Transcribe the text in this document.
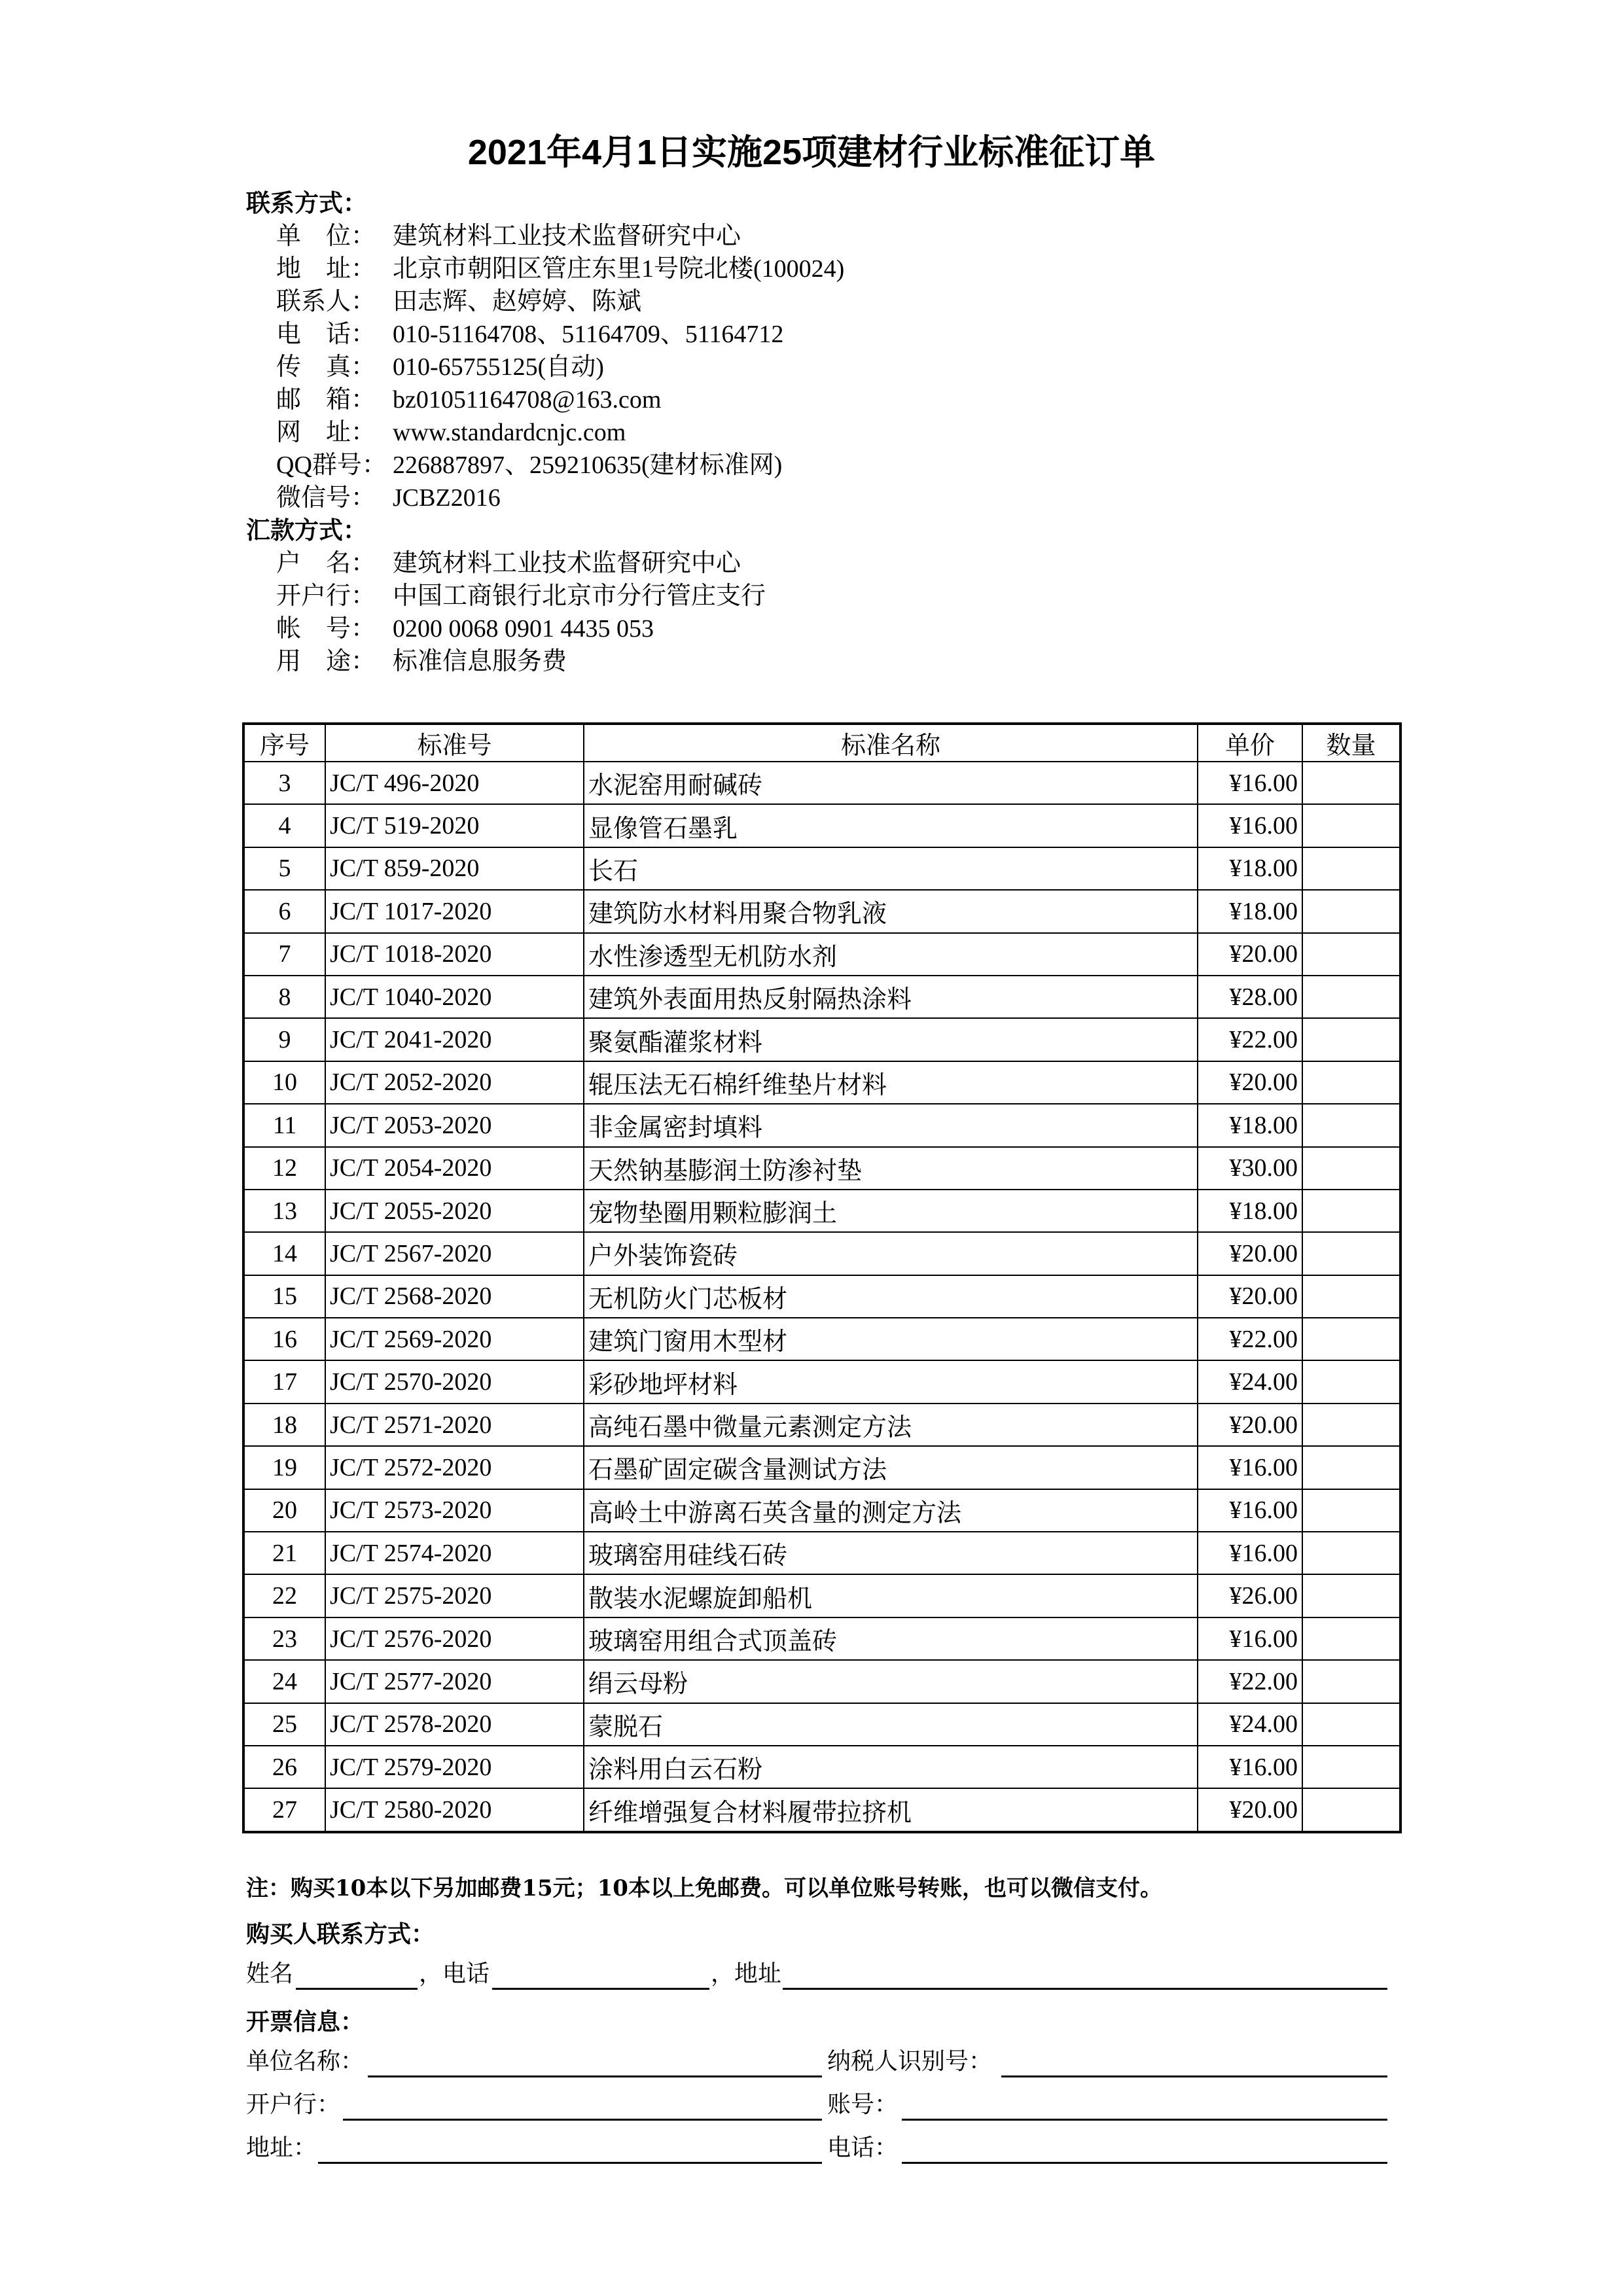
2021年4月1日实施25项建材行业标准征订单
联系方式：
单　位： 建筑材料工业技术监督研究中心
地　址： 北京市朝阳区管庄东里1号院北楼(100024)
联系人： 田志辉、赵婷婷、陈斌
电　话： 010-51164708、51164709、51164712
传　真： 010-65755125(自动)
邮　箱： bz01051164708@163.com
网　址： www.standardcnjc.com
QQ群号： 226887897、259210635(建材标准网)
微信号： JCBZ2016
汇款方式：
户　名： 建筑材料工业技术监督研究中心
开户行： 中国工商银行北京市分行管庄支行
帐　号： 0200 0068 0901 4435 053
用　途： 标准信息服务费
序号	标准号	标准名称	单价	数量
3	JC/T 496-2020	水泥窑用耐碱砖	¥16.00	
4	JC/T 519-2020	显像管石墨乳	¥16.00	
5	JC/T 859-2020	长石	¥18.00	
6	JC/T 1017-2020	建筑防水材料用聚合物乳液	¥18.00	
7	JC/T 1018-2020	水性渗透型无机防水剂	¥20.00	
8	JC/T 1040-2020	建筑外表面用热反射隔热涂料	¥28.00	
9	JC/T 2041-2020	聚氨酯灌浆材料	¥22.00	
10	JC/T 2052-2020	辊压法无石棉纤维垫片材料	¥20.00	
11	JC/T 2053-2020	非金属密封填料	¥18.00	
12	JC/T 2054-2020	天然钠基膨润土防渗衬垫	¥30.00	
13	JC/T 2055-2020	宠物垫圈用颗粒膨润土	¥18.00	
14	JC/T 2567-2020	户外装饰瓷砖	¥20.00	
15	JC/T 2568-2020	无机防火门芯板材	¥20.00	
16	JC/T 2569-2020	建筑门窗用木型材	¥22.00	
17	JC/T 2570-2020	彩砂地坪材料	¥24.00	
18	JC/T 2571-2020	高纯石墨中微量元素测定方法	¥20.00	
19	JC/T 2572-2020	石墨矿固定碳含量测试方法	¥16.00	
20	JC/T 2573-2020	高岭土中游离石英含量的测定方法	¥16.00	
21	JC/T 2574-2020	玻璃窑用硅线石砖	¥16.00	
22	JC/T 2575-2020	散装水泥螺旋卸船机	¥26.00	
23	JC/T 2576-2020	玻璃窑用组合式顶盖砖	¥16.00	
24	JC/T 2577-2020	绢云母粉	¥22.00	
25	JC/T 2578-2020	蒙脱石	¥24.00	
26	JC/T 2579-2020	涂料用白云石粉	¥16.00	
27	JC/T 2580-2020	纤维增强复合材料履带拉挤机	¥20.00	
注：购买10本以下另加邮费15元；10本以上免邮费。可以单位账号转账，也可以微信支付。
购买人联系方式：
姓名	，电话	，地址
开票信息：
单位名称：	纳税人识别号：
开户行：	账号：
地址：	电话：
